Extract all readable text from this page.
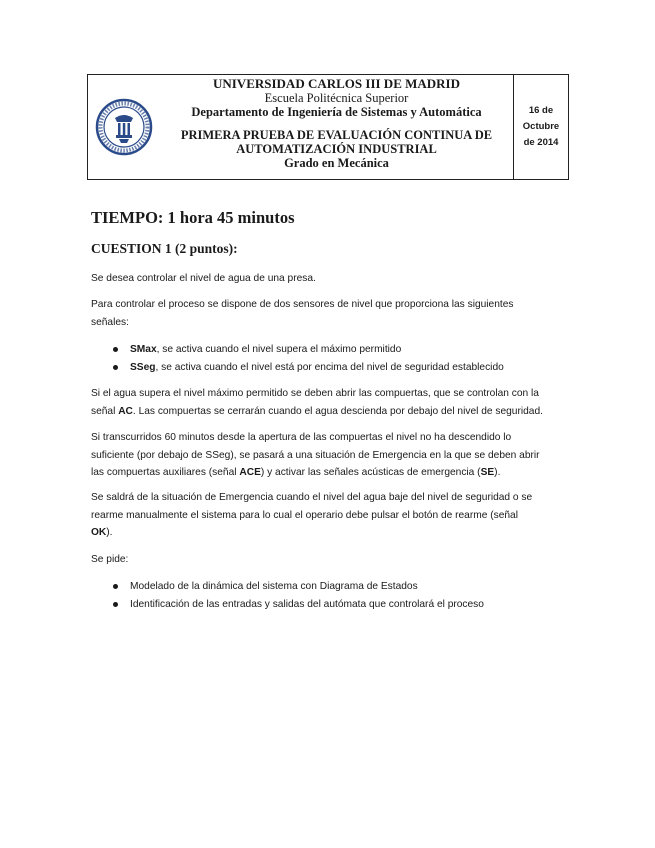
UNIVERSIDAD CARLOS III DE MADRID
Escuela Politécnica Superior
Departamento de Ingeniería de Sistemas y Automática
PRIMERA PRUEBA DE EVALUACIÓN CONTINUA DE
AUTOMATIZACIÓN INDUSTRIAL
Grado en Mecánica
16 de
Octubre
de 2014
TIEMPO: 1 hora 45 minutos
CUESTION 1 (2 puntos):
Se desea controlar el nivel de agua de una presa.
Para controlar el proceso se dispone de dos sensores de nivel que proporciona las siguientes
señales:
SMax, se activa cuando el nivel supera el máximo permitido
SSeg, se activa cuando el nivel está por encima del nivel de seguridad establecido
Si el agua supera el nivel máximo permitido se deben abrir las compuertas, que se controlan con la
señal AC. Las compuertas se cerrarán cuando el agua descienda por debajo del nivel de seguridad.
Si transcurridos 60 minutos desde la apertura de las compuertas el nivel no ha descendido lo
suficiente (por debajo de SSeg), se pasará a una situación de Emergencia en la que se deben abrir
las compuertas auxiliares (señal ACE) y activar las señales acústicas de emergencia (SE).
Se saldrá de la situación de Emergencia cuando el nivel del agua baje del nivel de seguridad o se
rearme manualmente el sistema para lo cual el operario debe pulsar el botón de rearme (señal
OK).
Se pide:
Modelado de la dinámica del sistema con Diagrama de Estados
Identificación de las entradas y salidas del autómata que controlará el proceso
